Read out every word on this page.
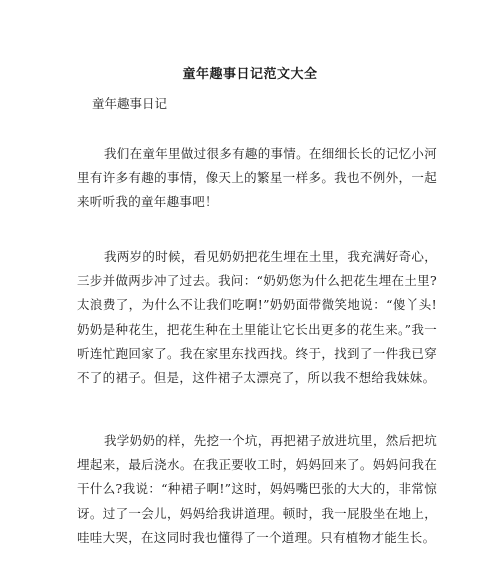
童年趣事日记范文大全
童年趣事日记

我们在童年里做过很多有趣的事情。在细细长长的记忆小河里有许多有趣的事情，像天上的繁星一样多。我也不例外，一起来听听我的童年趣事吧！

我两岁的时候，看见奶奶把花生埋在土里，我充满好奇心，三步并做两步冲了过去。我问：“奶奶您为什么把花生埋在土里?太浪费了，为什么不让我们吃啊!”奶奶面带微笑地说：“傻丫头!奶奶是种花生，把花生种在土里能让它长出更多的花生来。”我一听连忙跑回家了。我在家里东找西找。终于，找到了一件我已穿不了的裙子。但是，这件裙子太漂亮了，所以我不想给我妹妹。

我学奶奶的样，先挖一个坑，再把裙子放进坑里，然后把坑埋起来，最后浇水。在我正要收工时，妈妈回来了。妈妈问我在干什么?我说：“种裙子啊!”这时，妈妈嘴巴张的大大的，非常惊讶。过了一会儿，妈妈给我讲道理。顿时，我一屁股坐在地上，哇哇大哭，在这同时我也懂得了一个道理。只有植物才能生长。
